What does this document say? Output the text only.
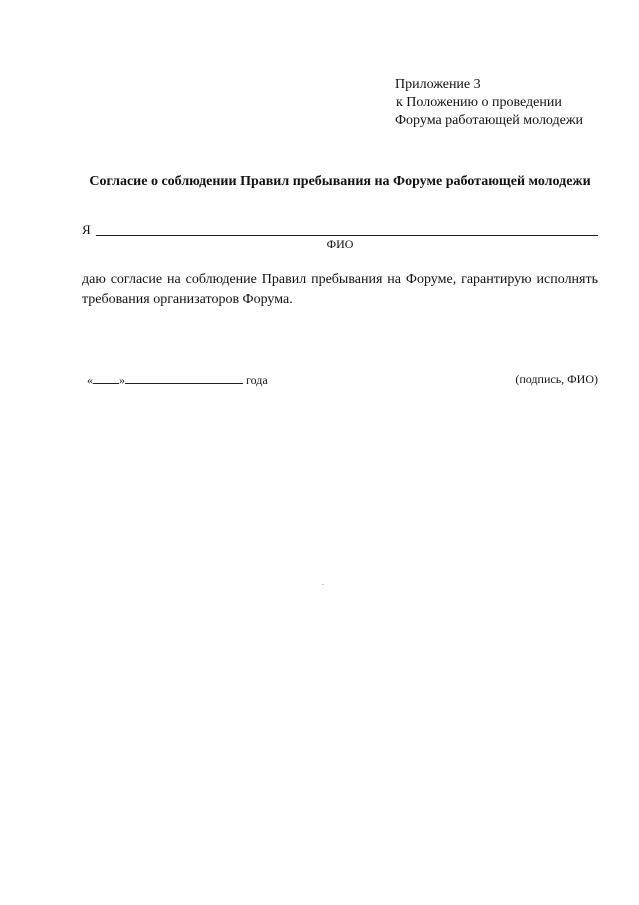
Приложение 3
к Положению о проведении
Форума работающей молодежи
Согласие о соблюдении Правил пребывания на Форуме работающей молодежи
Я
ФИО
даю согласие на соблюдение Правил пребывания на Форуме, гарантирую исполнять требования организаторов Форума.
« »	года	(подпись, ФИО)
